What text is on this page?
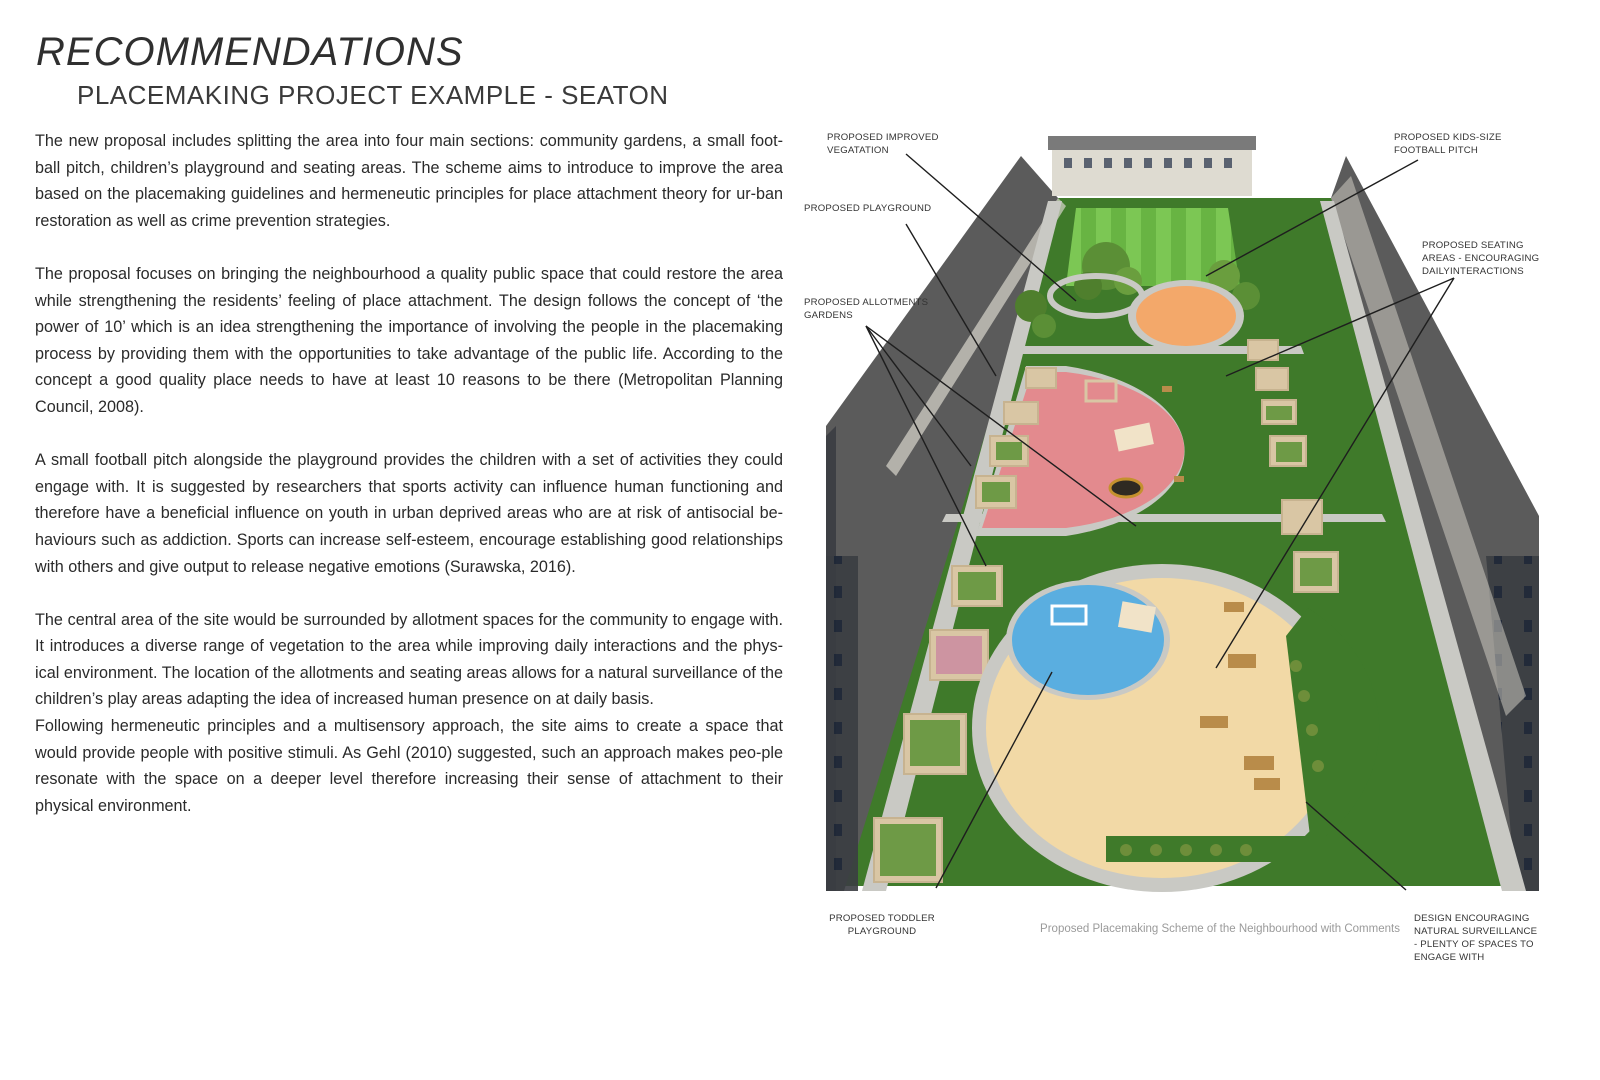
RECOMMENDATIONS
PLACEMAKING PROJECT EXAMPLE - SEATON

The new proposal includes splitting the area into four main sections: community gardens, a small foot-ball pitch, children’s playground and seating areas. The scheme aims to introduce to improve the area based on the placemaking guidelines and hermeneutic principles for place attachment theory for ur-ban restoration as well as crime prevention strategies.

The proposal focuses on bringing the neighbourhood a quality public space that could restore the area while strengthening the residents’ feeling of place attachment. The design follows the concept of ‘the power of 10’ which is an idea strengthening the importance of involving the people in the placemaking process by providing them with the opportunities to take advantage of the public life. According to the concept a good quality place needs to have at least 10 reasons to be there (Metropolitan Planning Council, 2008).

A small football pitch alongside the playground provides the children with a set of activities they could engage with. It is suggested by researchers that sports activity can influence human functioning and therefore have a beneficial influence on youth in urban deprived areas who are at risk of antisocial be-haviours such as addiction. Sports can increase self-esteem, encourage establishing good relationships with others and give output to release negative emotions (Surawska, 2016).

The central area of the site would be surrounded by allotment spaces for the community to engage with. It introduces a diverse range of vegetation to the area while improving daily interactions and the phys-ical environment. The location of the allotments and seating areas allows for a natural surveillance of the children’s play areas adapting the idea of increased human presence on at daily basis.

Following hermeneutic principles and a multisensory approach, the site aims to create a space that would provide people with positive stimuli. As Gehl (2010) suggested, such an approach makes peo-ple resonate with the space on a deeper level therefore increasing their sense of attachment to their physical environment.

PROPOSED IMPROVED VEGATATION
PROPOSED PLAYGROUND
PROPOSED ALLOTMENTS GARDENS
PROPOSED KIDS-SIZE FOOTBALL PITCH
PROPOSED SEATING AREAS - ENCOURAGING DAILYINTERACTIONS
PROPOSED TODDLER PLAYGROUND
DESIGN ENCOURAGING NATURAL SURVEILLANCE - PLENTY OF SPACES TO ENGAGE WITH
Proposed Placemaking Scheme of the Neighbourhood with Comments
